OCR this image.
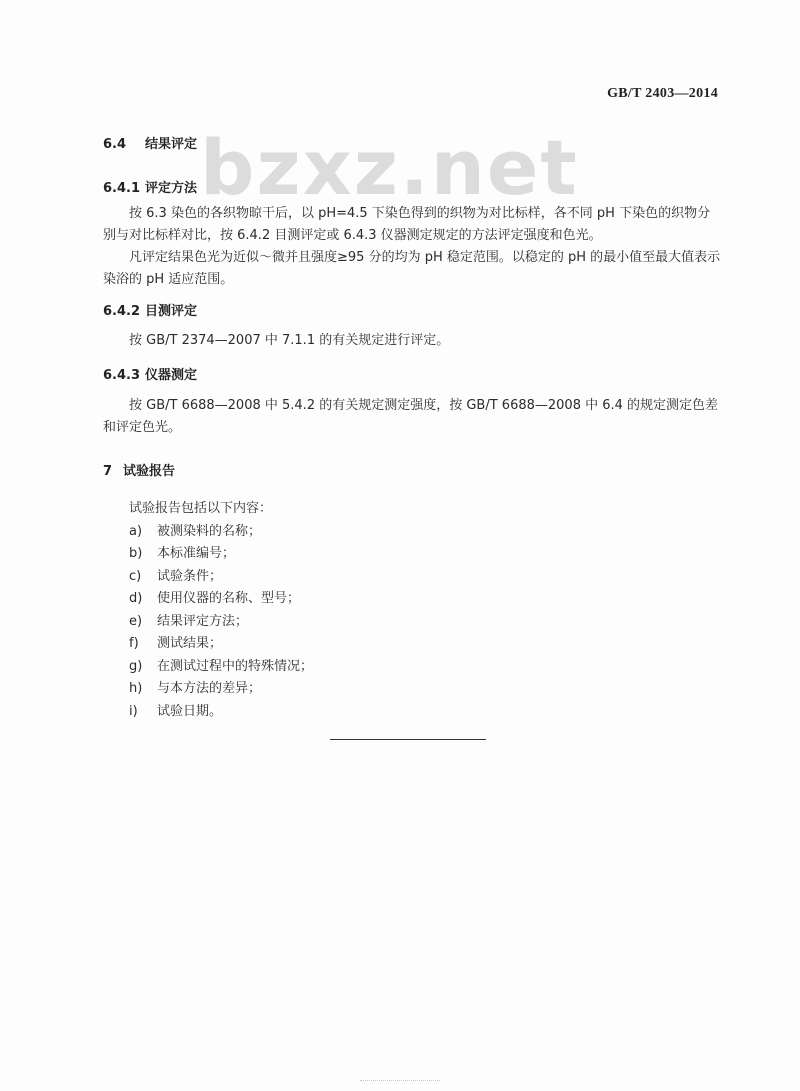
GB/T 2403—2014
bzxz.net
6.4 结果评定
6.4.1 评定方法
按 6.3 染色的各织物晾干后，以 pH=4.5 下染色得到的织物为对比标样，各不同 pH 下染色的织物分别与对比标样对比，按 6.4.2 目测评定或 6.4.3 仪器测定规定的方法评定强度和色光。
凡评定结果色光为近似～微并且强度≥95 分的均为 pH 稳定范围。以稳定的 pH 的最小值至最大值表示染浴的 pH 适应范围。
6.4.2 目测评定
按 GB/T 2374—2007 中 7.1.1 的有关规定进行评定。
6.4.3 仪器测定
按 GB/T 6688—2008 中 5.4.2 的有关规定测定强度，按 GB/T 6688—2008 中 6.4 的规定测定色差和评定色光。
7 试验报告

试验报告包括以下内容：

a)	被测染料的名称；
b)	本标准编号；
c)	试验条件；
d)	使用仪器的名称、型号；
e)	结果评定方法；
f)	测试结果；
g)	在测试过程中的特殊情况；
h)	与本方法的差异；
i)	试验日期。
